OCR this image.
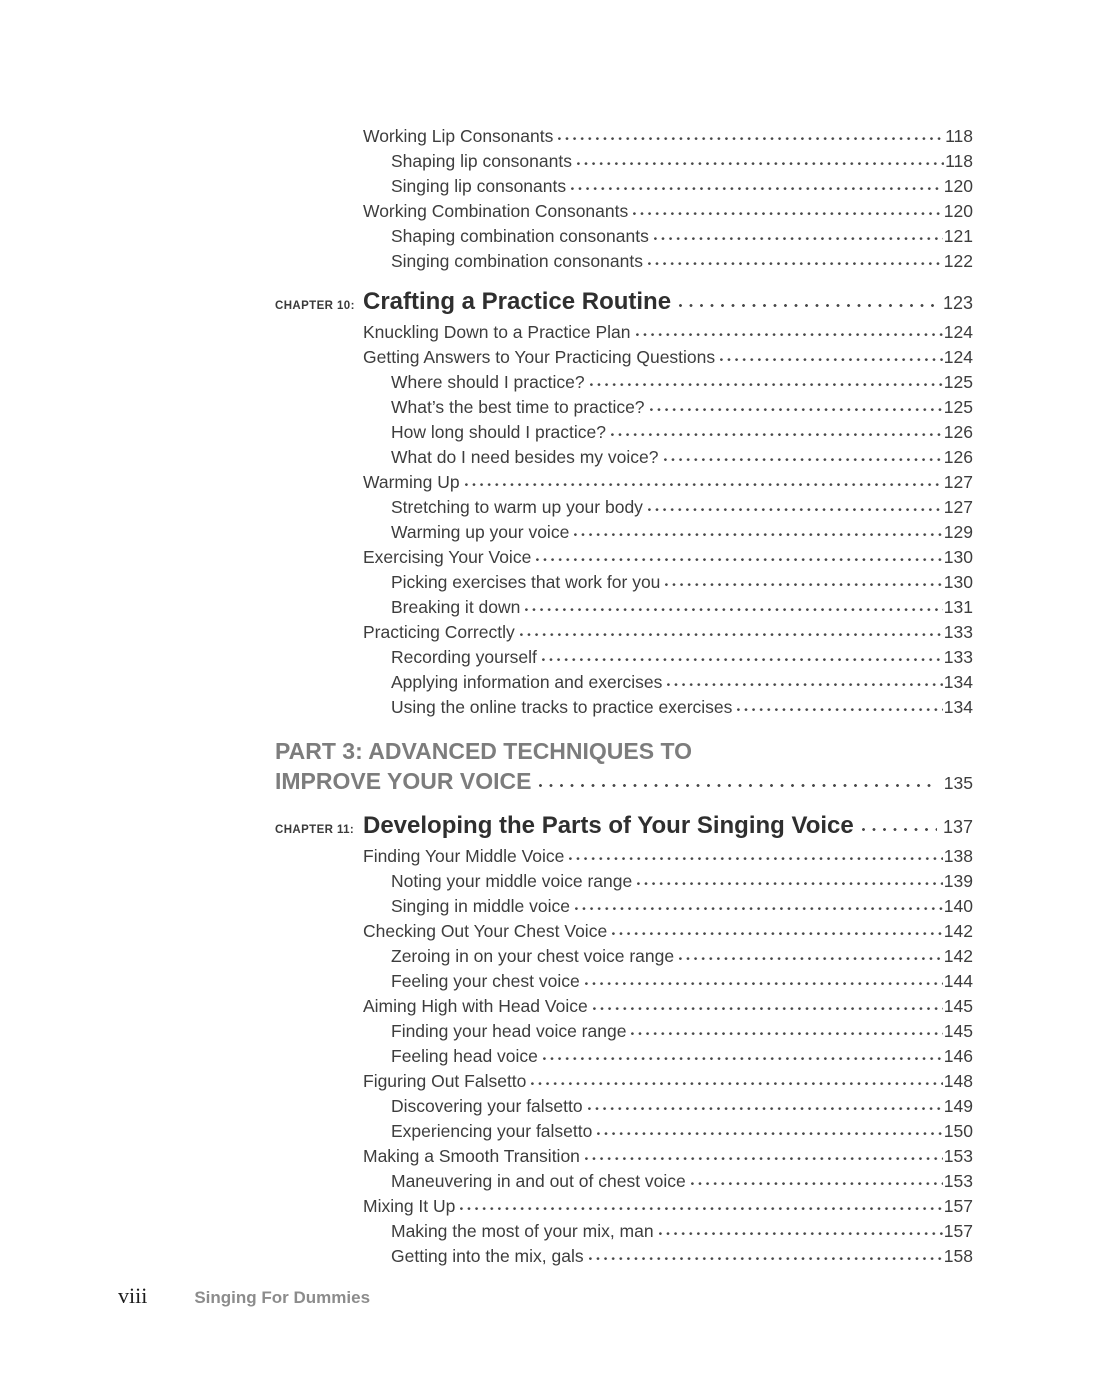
Working Lip Consonants	118
Shaping lip consonants	118
Singing lip consonants	120
Working Combination Consonants	120
Shaping combination consonants	121
Singing combination consonants	122
CHAPTER 10: Crafting a Practice Routine	123
Knuckling Down to a Practice Plan	124
Getting Answers to Your Practicing Questions	124
Where should I practice?	125
What’s the best time to practice?	125
How long should I practice?	126
What do I need besides my voice?	126
Warming Up	127
Stretching to warm up your body	127
Warming up your voice	129
Exercising Your Voice	130
Picking exercises that work for you	130
Breaking it down	131
Practicing Correctly	133
Recording yourself	133
Applying information and exercises	134
Using the online tracks to practice exercises	134
PART 3: ADVANCED TECHNIQUES TO
IMPROVE YOUR VOICE	135
CHAPTER 11: Developing the Parts of Your Singing Voice	137
Finding Your Middle Voice	138
Noting your middle voice range	139
Singing in middle voice	140
Checking Out Your Chest Voice	142
Zeroing in on your chest voice range	142
Feeling your chest voice	144
Aiming High with Head Voice	145
Finding your head voice range	145
Feeling head voice	146
Figuring Out Falsetto	148
Discovering your falsetto	149
Experiencing your falsetto	150
Making a Smooth Transition	153
Maneuvering in and out of chest voice	153
Mixing It Up	157
Making the most of your mix, man	157
Getting into the mix, gals	158
viii	Singing For Dummies
